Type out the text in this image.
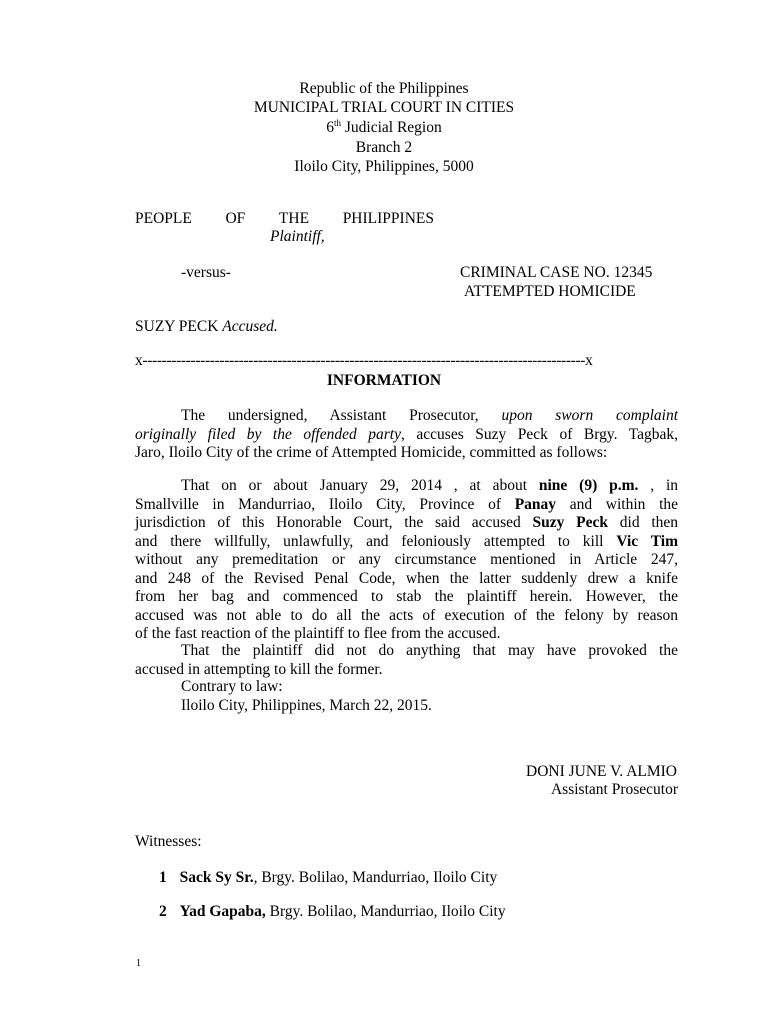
Republic of the Philippines
MUNICIPAL TRIAL COURT IN CITIES
6th Judicial Region
Branch 2
Iloilo City, Philippines, 5000
PEOPLE OF THE PHILIPPINES
Plaintiff,
-versus-	CRIMINAL CASE NO. 12345
ATTEMPTED HOMICIDE
SUZY PECK Accused.
x--------------------------------------------------------------------------------------------x
INFORMATION
The undersigned, Assistant Prosecutor, upon sworn complaint
originally filed by the offended party, accuses Suzy Peck of Brgy. Tagbak,
Jaro, Iloilo City of the crime of Attempted Homicide, committed as follows:
That on or about January 29, 2014 , at about nine (9) p.m. , in
Smallville in Mandurriao, Iloilo City, Province of Panay and within the
jurisdiction of this Honorable Court, the said accused Suzy Peck did then
and there willfully, unlawfully, and feloniously attempted to kill Vic Tim
without any premeditation or any circumstance mentioned in Article 247,
and 248 of the Revised Penal Code, when the latter suddenly drew a knife
from her bag and commenced to stab the plaintiff herein. However, the
accused was not able to do all the acts of execution of the felony by reason
of the fast reaction of the plaintiff to flee from the accused.
That the plaintiff did not do anything that may have provoked the
accused in attempting to kill the former.
Contrary to law:
Iloilo City, Philippines, March 22, 2015.
DONI JUNE V. ALMIO
Assistant Prosecutor
Witnesses:
1 Sack Sy Sr., Brgy. Bolilao, Mandurriao, Iloilo City
2 Yad Gapaba, Brgy. Bolilao, Mandurriao, Iloilo City
1
